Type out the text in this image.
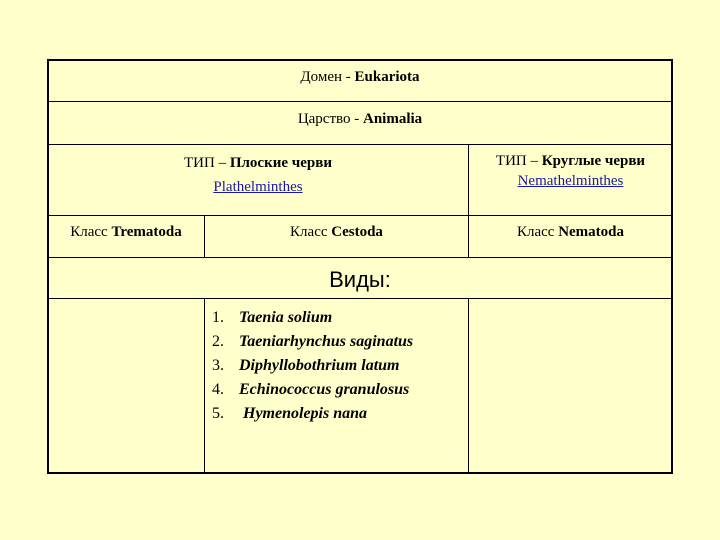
Домен - Eukariota
Царство - Animalia
ТИП – Плоские черви
Plathelminthes
ТИП – Круглые черви
Nemathelminthes
Класс Trematoda	Класс Cestoda	Класс Nematoda
Виды:
1. Taenia solium
2. Taeniarhynchus saginatus
3. Diphyllobothrium latum
4. Echinococcus granulosus
5. Hymenolepis nana
